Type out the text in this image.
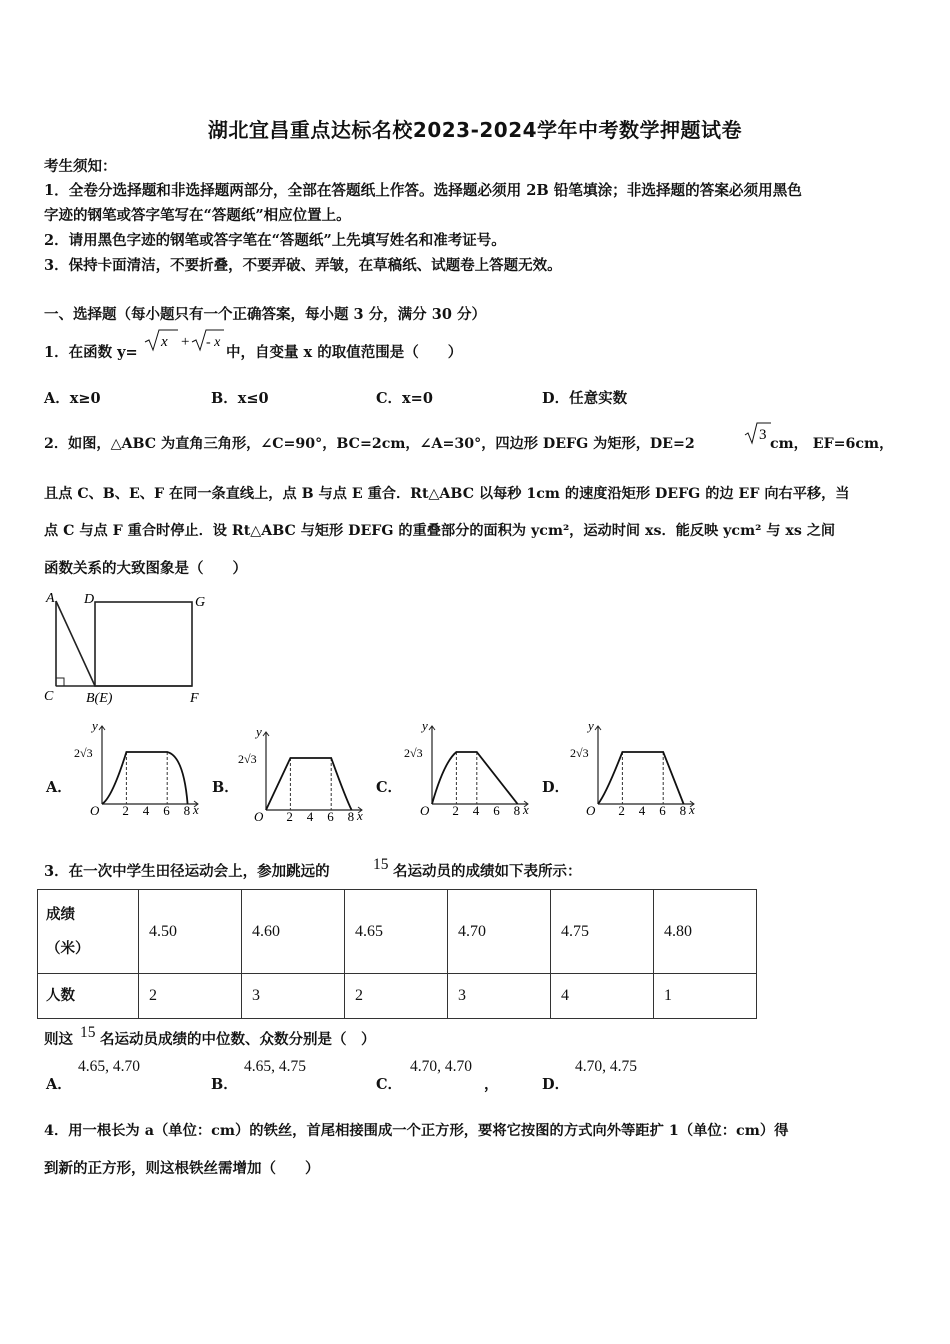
湖北宜昌重点达标名校2023-2024学年中考数学押题试卷
考生须知：
1．全卷分选择题和非选择题两部分，全部在答题纸上作答。选择题必须用 2B 铅笔填涂；非选择题的答案必须用黑色
字迹的钢笔或答字笔写在“答题纸”相应位置上。
2．请用黑色字迹的钢笔或答字笔在“答题纸”上先填写姓名和准考证号。
3．保持卡面清洁，不要折叠，不要弄破、弄皱，在草稿纸、试题卷上答题无效。
一、选择题（每小题只有一个正确答案，每小题 3 分，满分 30 分）
1．在函数 y=
x + - x
中，自变量 x 的取值范围是（　　）
A．x≥0	B．x≤0	C．x=0	D．任意实数
2．如图，△ABC 为直角三角形，∠C=90°，BC=2cm，∠A=30°，四边形 DEFG 为矩形，DE=2
3
cm， EF=6cm，
且点 C、B、E、F 在同一条直线上，点 B 与点 E 重合．Rt△ABC 以每秒 1cm 的速度沿矩形 DEFG 的边 EF 向右平移，当
点 C 与点 F 重合时停止．设 Rt△ABC 与矩形 DEFG 的重叠部分的面积为 ycm²，运动时间 xs．能反映 ycm² 与 xs 之间
函数关系的大致图象是（　　）
A D	G
C B(E)	F
A．	B．	C．	D．
y
x
O
2√3
2 4 6 8
y
x
O
2√3
2 4 6 8
y
x
O
2√3
2 4 6 8
y
x
O
2√3
2 4 6 8
3．在一次中学生田径运动会上，参加跳远的	15 名运动员的成绩如下表所示：
成绩
（米）	4.50	4.60	4.65	4.70	4.75	4.80
人数	2	3	2	3	4	1
则这 15 名运动员成绩的中位数、众数分别是（　）
A．
4.65, 4.70
B．
4.65, 4.75
C．
4.70, 4.70
，	D．
4.70, 4.75
4．用一根长为 a（单位：cm）的铁丝，首尾相接围成一个正方形，要将它按图的方式向外等距扩 1（单位：cm）得
到新的正方形，则这根铁丝需增加（　　）
